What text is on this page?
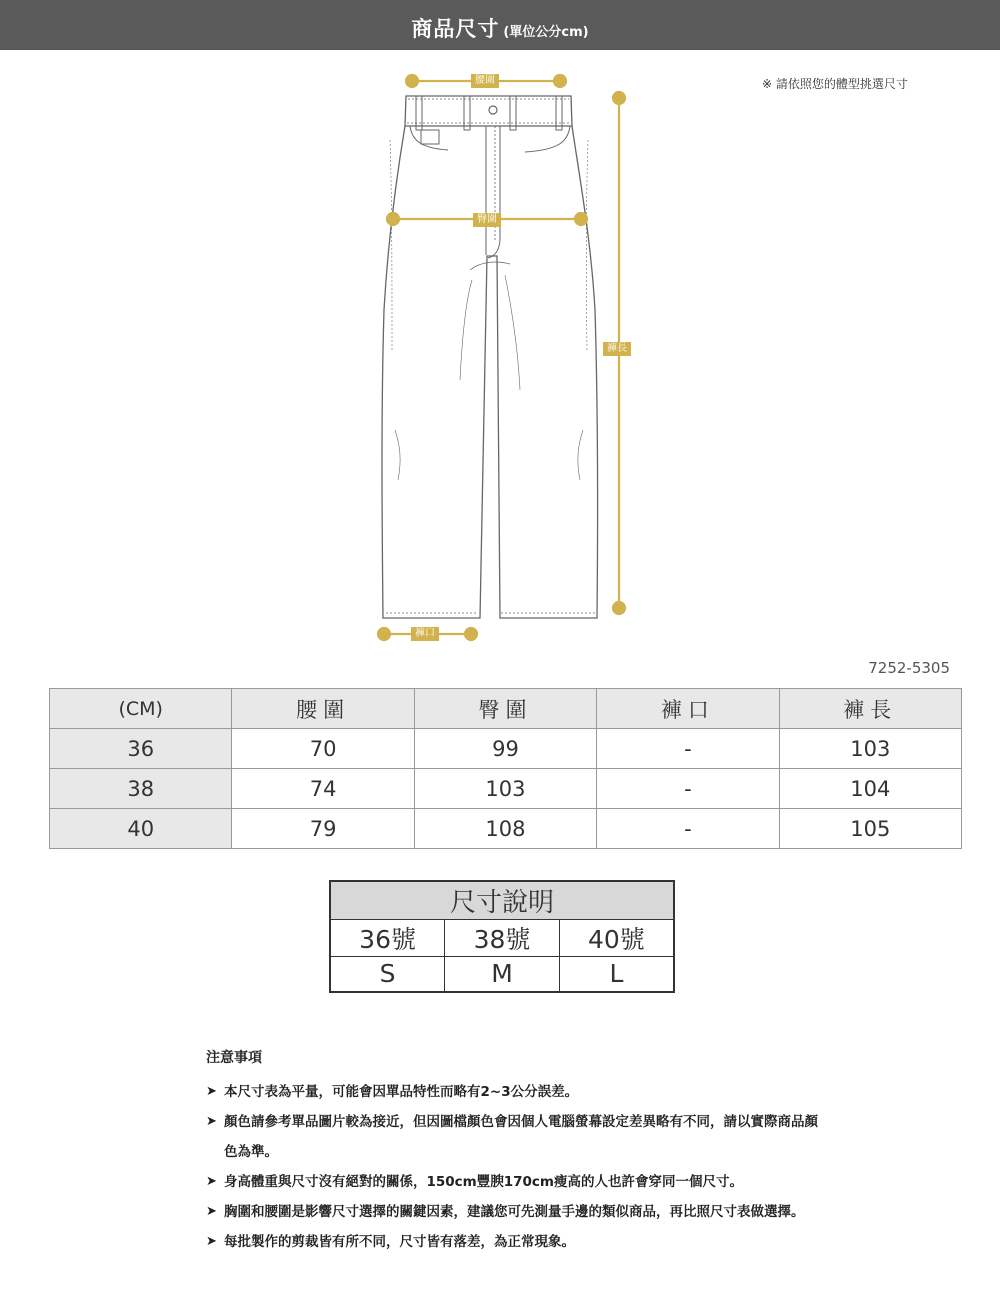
商品尺寸 (單位公分cm)
腰圍
臀圍
褲長
褲口
※ 請依照您的體型挑選尺寸
7252-5305
(CM)	腰圍	臀圍	褲口	褲長
36	70	99	-	103
38	74	103	-	104
40	79	108	-	105
尺寸說明		
36號	38號	40號
S	M	L
注意事項
➤ 本尺寸表為平量，可能會因單品特性而略有2~3公分誤差。
➤ 顏色請參考單品圖片較為接近，但因圖檔顏色會因個人電腦螢幕設定差異略有不同，請以實際商品顏色為準。
➤ 身高體重與尺寸沒有絕對的關係，150cm豐腴170cm瘦高的人也許會穿同一個尺寸。
➤ 胸圍和腰圍是影響尺寸選擇的關鍵因素，建議您可先測量手邊的類似商品，再比照尺寸表做選擇。
➤ 每批製作的剪裁皆有所不同，尺寸皆有落差，為正常現象。
